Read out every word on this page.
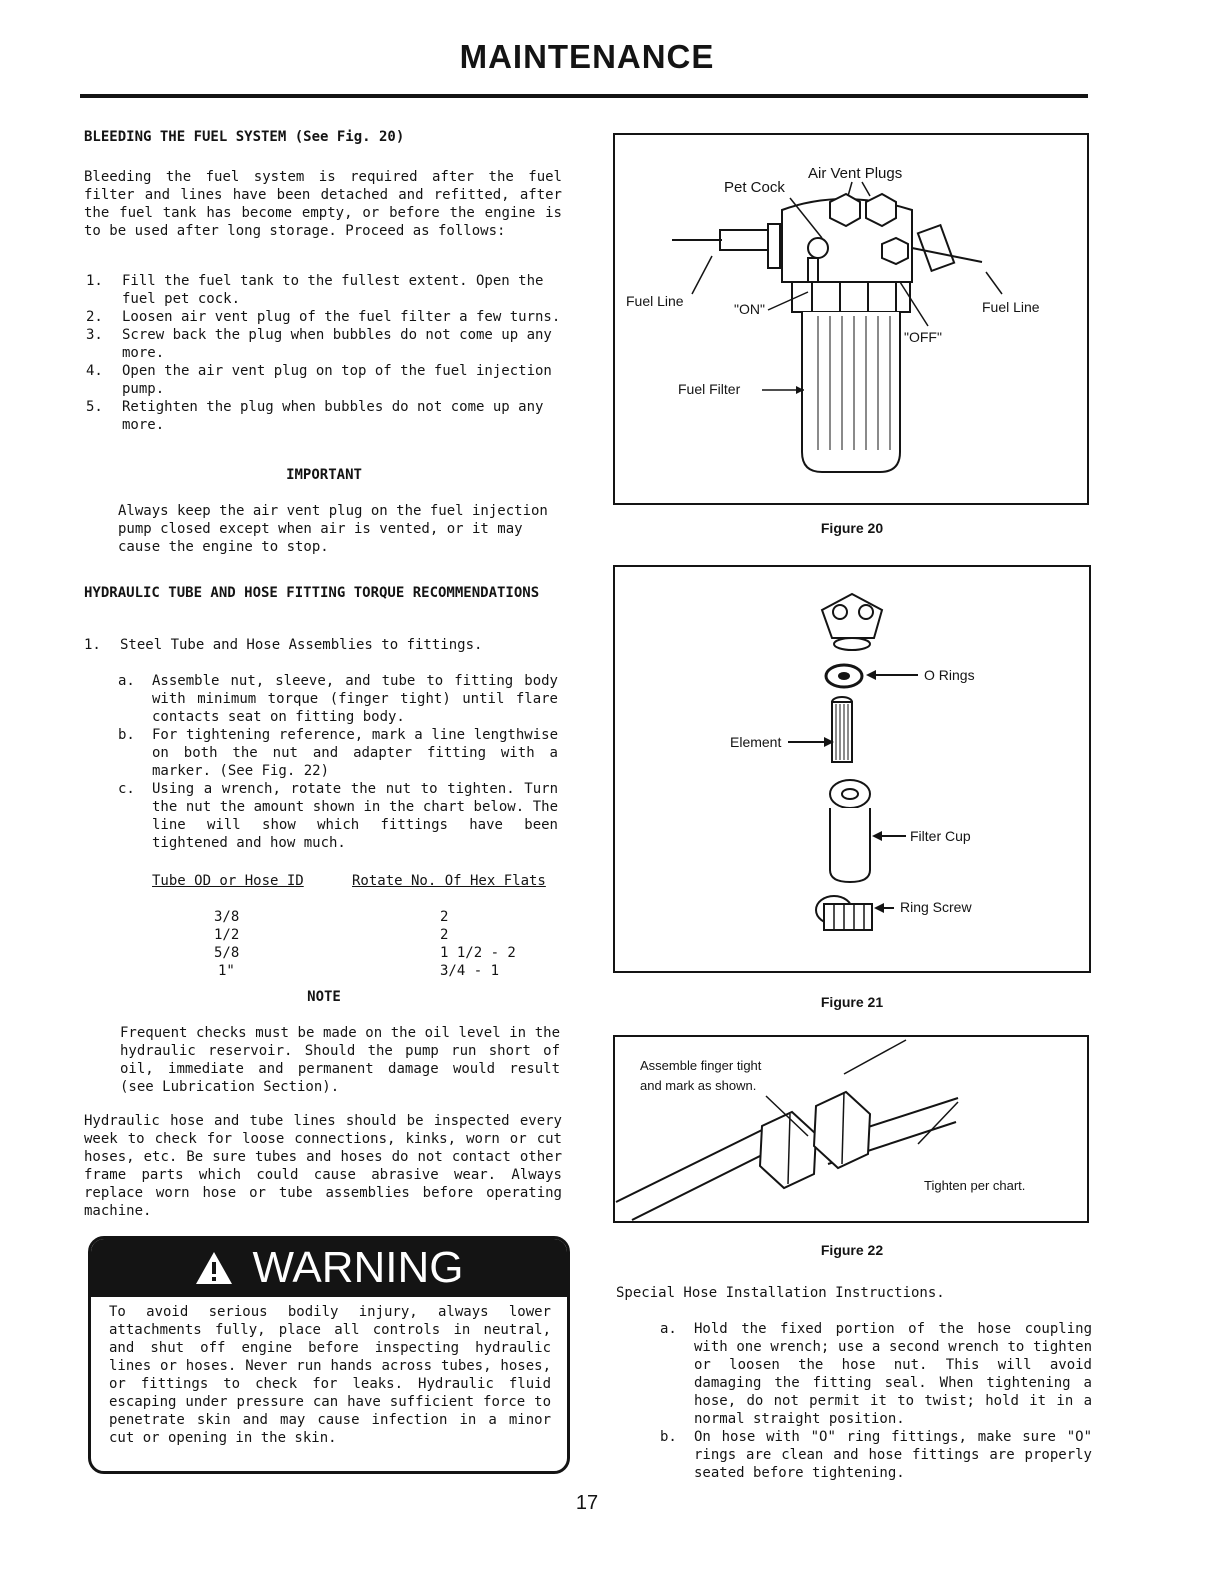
MAINTENANCE
BLEEDING THE FUEL SYSTEM (See Fig. 20)
Bleeding the fuel system is required after the fuel filter and lines have been detached and refitted, after the fuel tank has become empty, or before the engine is to be used after long storage. Proceed as follows:
1.	Fill the fuel tank to the fullest extent. Open the fuel pet cock.
2.	Loosen air vent plug of the fuel filter a few turns.
3.	Screw back the plug when bubbles do not come up any more.
4.	Open the air vent plug on top of the fuel injection pump.
5.	Retighten the plug when bubbles do not come up any more.
IMPORTANT
Always keep the air vent plug on the fuel injection pump closed except when air is vented, or it may cause the engine to stop.
HYDRAULIC TUBE AND HOSE FITTING TORQUE RECOMMENDATIONS
1.	Steel Tube and Hose Assemblies to fittings.
a.	Assemble nut, sleeve, and tube to fitting body with minimum torque (finger tight) until flare contacts seat on fitting body.
b.	For tightening reference, mark a line lengthwise on both the nut and adapter fitting with a marker. (See Fig. 22)
c.	Using a wrench, rotate the nut to tighten. Turn the nut the amount shown in the chart below. The line will show which fittings have been tightened and how much.
Tube OD or Hose ID	Rotate No. Of Hex Flats

3/8	2
1/2	2
5/8	1 1/2 - 2
1"	3/4 - 1
NOTE
Frequent checks must be made on the oil level in the hydraulic reservoir. Should the pump run short of oil, immediate and permanent damage would result (see Lubrication Section).
Hydraulic hose and tube lines should be inspected every week to check for loose connections, kinks, worn or cut hoses, etc. Be sure tubes and hoses do not contact other frame parts which could cause abrasive wear. Always replace worn hose or tube assemblies before operating machine.
WARNING
To avoid serious bodily injury, always lower attachments fully, place all controls in neutral, and shut off engine before inspecting hydraulic lines or hoses. Never run hands across tubes, hoses, or fittings to check for leaks. Hydraulic fluid escaping under pressure can have sufficient force to penetrate skin and may cause infection in a minor cut or opening in the skin.
Pet Cock
Air Vent Plugs
Fuel Line	Fuel Line
"ON"
"OFF"
Fuel Filter
Figure 20
O Rings
Element
Filter Cup
Ring Screw
Figure 21
Assemble finger tight
and mark as shown.
Tighten per chart.
Figure 22
Special Hose Installation Instructions.
a.	Hold the fixed portion of the hose coupling with one wrench; use a second wrench to tighten or loosen the hose nut. This will avoid damaging the fitting seal. When tightening a hose, do not permit it to twist; hold it in a normal straight position.
b.	On hose with "O" ring fittings, make sure "O" rings are clean and hose fittings are properly seated before tightening.
17
